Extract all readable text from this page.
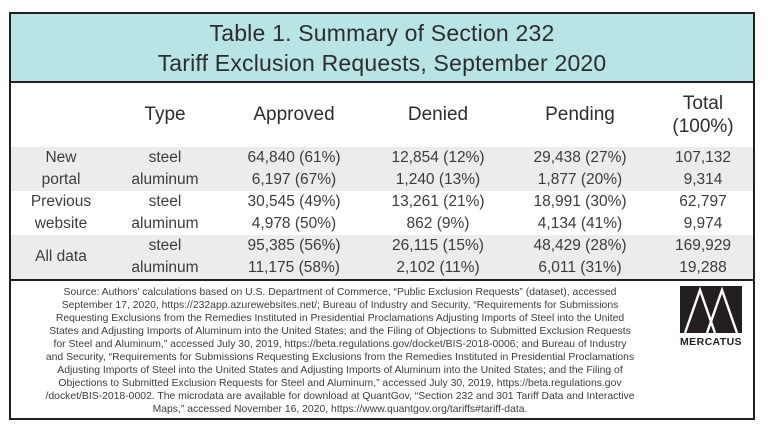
Table 1. Summary of Section 232
Tariff Exclusion Requests, September 2020
	Type	Approved	Denied	Pending	Total
(100%)

New portal	steel	64,840 (61%)	12,854 (12%)	29,438 (27%)	107,132
	aluminum	6,197 (67%)	1,240 (13%)	1,877 (20%)	9,314
Previous website	steel	30,545 (49%)	13,261 (21%)	18,991 (30%)	62,797
	aluminum	4,978 (50%)	862 (9%)	4,134 (41%)	9,974
All data	steel	95,385 (56%)	26,115 (15%)	48,429 (28%)	169,929
	aluminum	11,175 (58%)	2,102 (11%)	6,011 (31%)	19,288
Source: Authors’ calculations based on U.S. Department of Commerce, “Public Exclusion Requests” (dataset), accessed
September 17, 2020, https://232app.azurewebsites.net/; Bureau of Industry and Security, “Requirements for Submissions
Requesting Exclusions from the Remedies Instituted in Presidential Proclamations Adjusting Imports of Steel into the United
States and Adjusting Imports of Aluminum into the United States; and the Filing of Objections to Submitted Exclusion Requests
for Steel and Aluminum,” accessed July 30, 2019, https://beta.regulations.gov/docket/BIS-2018-0006; and Bureau of Industry
and Security, “Requirements for Submissions Requesting Exclusions from the Remedies Instituted in Presidential Proclamations
Adjusting Imports of Steel into the United States and Adjusting Imports of Aluminum into the United States; and the Filing of
Objections to Submitted Exclusion Requests for Steel and Aluminum,” accessed July 30, 2019, https://beta.regulations.gov
/docket/BIS-2018-0002. The microdata are available for download at QuantGov, “Section 232 and 301 Tariff Data and Interactive
Maps,” accessed November 16, 2020, https://www.quantgov.org/tariffs#tariff-data.
MERCATUS
